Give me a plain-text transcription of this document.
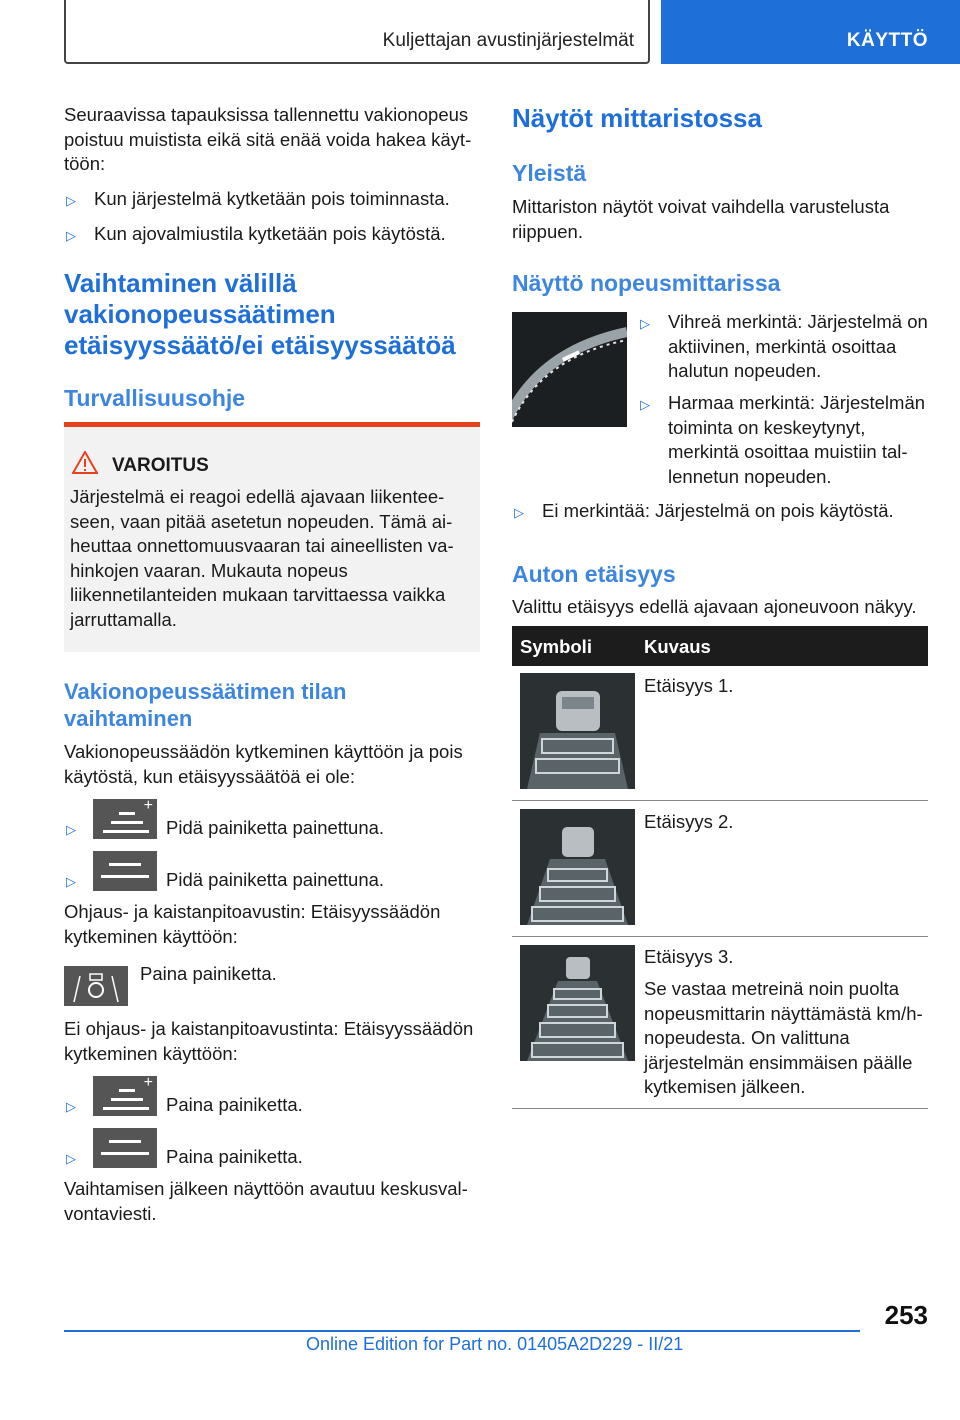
Kuljettajan avustinjärjestelmät	KÄYTTÖ

Seuraavissa tapauksissa tallennettu vakionopeus poistuu muistista eikä sitä enää voida hakea käyttöön:

▷ Kun järjestelmä kytketään pois toiminnasta.

▷ Kun ajovalmiustila kytketään pois käytöstä.

Vaihtaminen välillä vakionopeussäätimen etäisyyssäätö/ei etäisyyssäätöä
Turvallisuusohje
VAROITUS

Järjestelmä ei reagoi edellä ajavaan liikenteeseen, vaan pitää asetetun nopeuden. Tämä aiheuttaa onnettomuusvaaran tai aineellisten vahinkojen vaaran. Mukauta nopeus liikennetilanteiden mukaan tarvittaessa vaikka jarruttamalla.

Vakionopeussäätimen tilan vaihtaminen

Vakionopeussäädön kytkeminen käyttöön ja pois käytöstä, kun etäisyyssäätöä ei ole:

▷
+

Pidä painiketta painettuna.

▷	Pidä painiketta painettuna.

Ohjaus- ja kaistanpitoavustin: Etäisyyssäädön kytkeminen käyttöön:

Paina painiketta.

Ei ohjaus- ja kaistanpitoavustinta: Etäisyyssäädön kytkeminen käyttöön:

▷
+

Paina painiketta.

▷	Paina painiketta.

Vaihtamisen jälkeen näyttöön avautuu keskusvalvontaviesti.

Näytöt mittaristossa
Yleistä

Mittariston näytöt voivat vaihdella varustelusta riippuen.

Näyttö nopeusmittarissa
▷ Vihreä merkintä: Järjestelmä on aktiivinen, merkintä osoittaa halutun nopeuden.

▷ Harmaa merkintä: Järjestelmän toiminta on keskeytynyt, merkintä osoittaa muistiin tallennetun nopeuden.

▷ Ei merkintää: Järjestelmä on pois käytöstä.

Auton etäisyys

Valittu etäisyys edellä ajavaan ajoneuvoon näkyy.

Symboli	Kuvaus

Etäisyys 1.

Etäisyys 2.

Etäisyys 3.

Se vastaa metreinä noin puolta nopeusmittarin näyttämästä km/h-nopeudesta. On valittuna järjestelmän ensimmäisen päälle kytkemisen jälkeen.

253
Online Edition for Part no. 01405A2D229 - II/21
